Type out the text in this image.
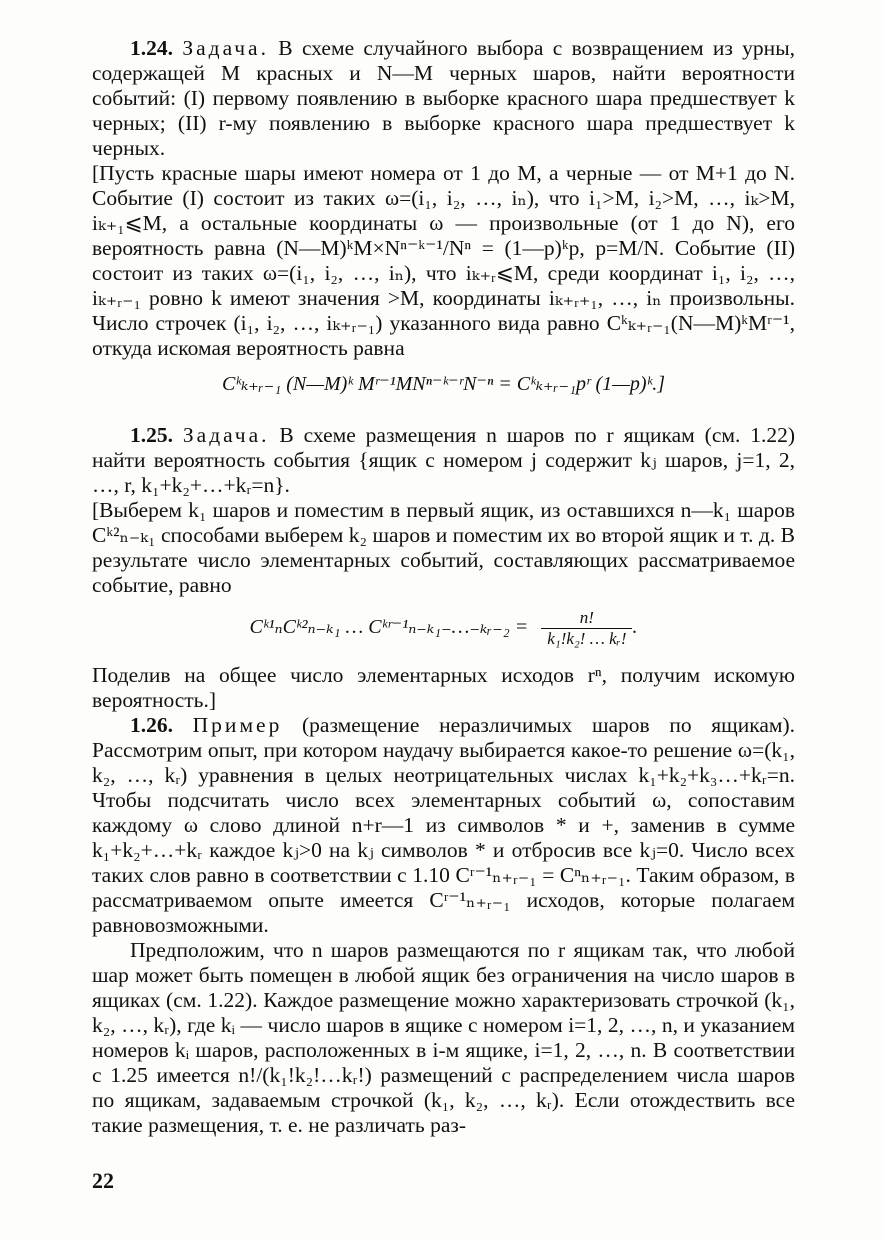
1.24. Задача. В схеме случайного выбора с возвращением из урны, содержащей M красных и N—M черных шаров, найти вероятности событий: (I) первому появлению в выборке красного шара предшествует k черных; (II) r-му появлению в выборке красного шара предшествует k черных.

[Пусть красные шары имеют номера от 1 до M, а черные — от M+1 до N. Событие (I) состоит из таких ω=(i₁, i₂, …, iₙ), что i₁>M, i₂>M, …, iₖ>M, iₖ₊₁⩽M, а остальные координаты ω — произвольные (от 1 до N), его вероятность равна (N—M)ᵏM×Nⁿ⁻ᵏ⁻¹/Nⁿ = (1—p)ᵏp, p=M/N. Событие (II) состоит из таких ω=(i₁, i₂, …, iₙ), что iₖ₊ᵣ⩽M, среди координат i₁, i₂, …, iₖ₊ᵣ₋₁ ровно k имеют значения >M, координаты iₖ₊ᵣ₊₁, …, iₙ произвольны. Число строчек (i₁, i₂, …, iₖ₊ᵣ₋₁) указанного вида равно Cᵏₖ₊ᵣ₋₁(N—M)ᵏMʳ⁻¹, откуда искомая вероятность равна

Cᵏₖ₊ᵣ₋₁ (N—M)ᵏ Mʳ⁻¹MNⁿ⁻ᵏ⁻ʳN⁻ⁿ = Cᵏₖ₊ᵣ₋₁pʳ (1—p)ᵏ.]

1.25. Задача. В схеме размещения n шаров по r ящикам (см. 1.22) найти вероятность события {ящик с номером j содержит kⱼ шаров, j=1, 2, …, r, k₁+k₂+…+kᵣ=n}.

[Выберем k₁ шаров и поместим в первый ящик, из оставшихся n—k₁ шаров Cᵏ²ₙ₋ₖ₁ способами выберем k₂ шаров и поместим их во второй ящик и т. д. В результате число элементарных событий, составляющих рассматриваемое событие, равно

Cᵏ¹ₙCᵏ²ₙ₋ₖ₁ … Cᵏʳ⁻¹ₙ₋ₖ₁₋…₋ₖᵣ₋₂ = $\frac{n!}{\text{k₁!k₂! … kᵣ!}}$ .

Поделив на общее число элементарных исходов rⁿ, получим искомую вероятность.]

1.26. Пример (размещение неразличимых шаров по ящикам). Рассмотрим опыт, при котором наудачу выбирается какое-то решение ω=(k₁, k₂, …, kᵣ) уравнения в целых неотрицательных числах k₁+k₂+k₃…+kᵣ=n. Чтобы подсчитать число всех элементарных событий ω, сопоставим каждому ω слово длиной n+r—1 из символов * и +, заменив в сумме k₁+k₂+…+kᵣ каждое kⱼ>0 на kⱼ символов * и отбросив все kⱼ=0. Число всех таких слов равно в соответствии с 1.10 Cʳ⁻¹ₙ₊ᵣ₋₁ = Cⁿₙ₊ᵣ₋₁. Таким образом, в рассматриваемом опыте имеется Cʳ⁻¹ₙ₊ᵣ₋₁ исходов, которые полагаем равновозможными.

Предположим, что n шаров размещаются по r ящикам так, что любой шар может быть помещен в любой ящик без ограничения на число шаров в ящиках (см. 1.22). Каждое размещение можно характеризовать строчкой (k₁, k₂, …, kᵣ), где kᵢ — число шаров в ящике с номером i=1, 2, …, n, и указанием номеров kᵢ шаров, расположенных в i-м ящике, i=1, 2, …, n. В соответствии с 1.25 имеется n!/(k₁!k₂!…kᵣ!) размещений с распределением числа шаров по ящикам, задаваемым строчкой (k₁, k₂, …, kᵣ). Если отождествить все такие размещения, т. е. не различать раз-

22
